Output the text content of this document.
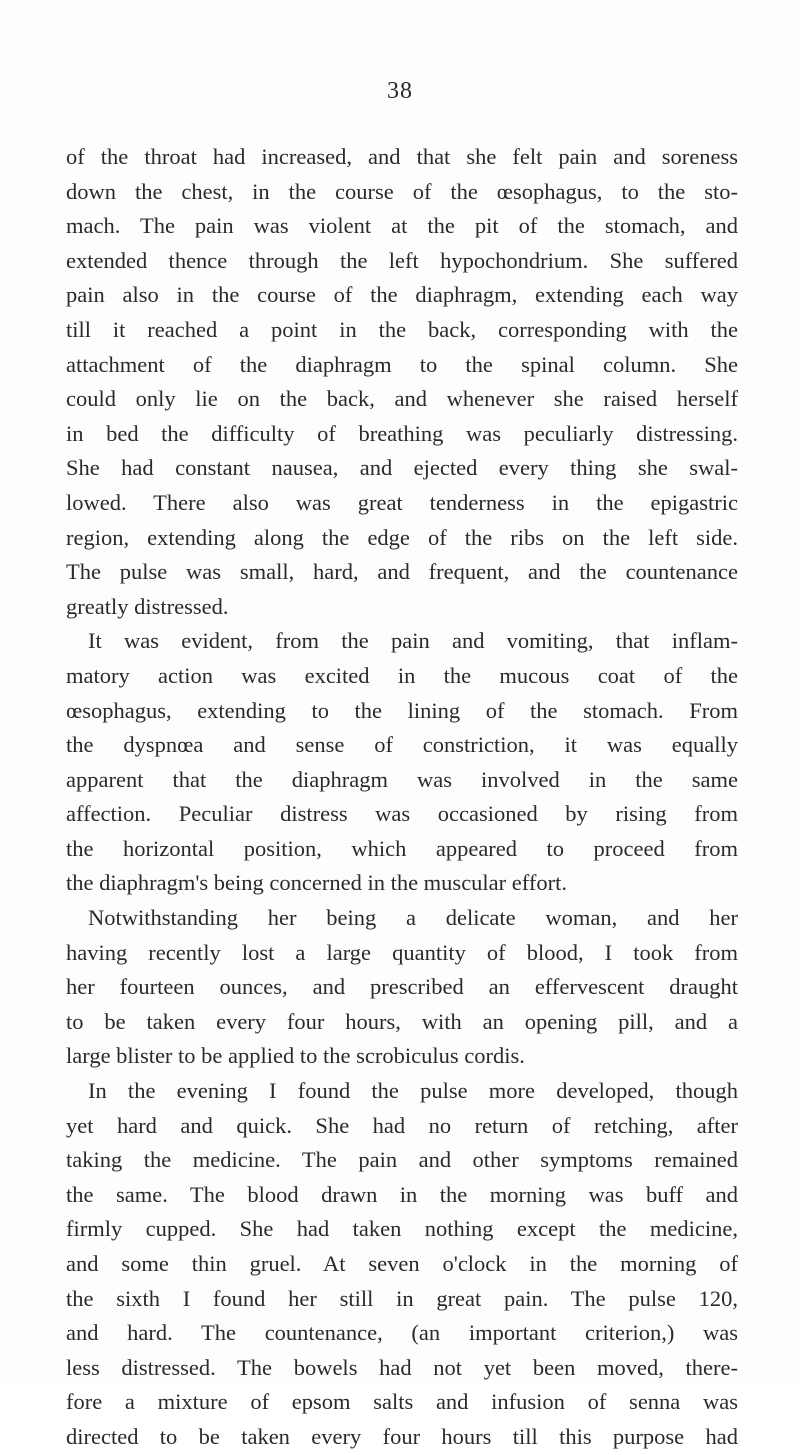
38
of the throat had increased, and that she felt pain and soreness
down the chest, in the course of the œsophagus, to the sto-
mach. The pain was violent at the pit of the stomach, and
extended thence through the left hypochondrium. She suffered
pain also in the course of the diaphragm, extending each way
till it reached a point in the back, corresponding with the
attachment of the diaphragm to the spinal column. She
could only lie on the back, and whenever she raised herself
in bed the difficulty of breathing was peculiarly distressing.
She had constant nausea, and ejected every thing she swal-
lowed. There also was great tenderness in the epigastric
region, extending along the edge of the ribs on the left side.
The pulse was small, hard, and frequent, and the countenance
greatly distressed.
It was evident, from the pain and vomiting, that inflam-
matory action was excited in the mucous coat of the
œsophagus, extending to the lining of the stomach. From
the dyspnœa and sense of constriction, it was equally
apparent that the diaphragm was involved in the same
affection. Peculiar distress was occasioned by rising from
the horizontal position, which appeared to proceed from
the diaphragm's being concerned in the muscular effort.
Notwithstanding her being a delicate woman, and her
having recently lost a large quantity of blood, I took from
her fourteen ounces, and prescribed an effervescent draught
to be taken every four hours, with an opening pill, and a
large blister to be applied to the scrobiculus cordis.
In the evening I found the pulse more developed, though
yet hard and quick. She had no return of retching, after
taking the medicine. The pain and other symptoms remained
the same. The blood drawn in the morning was buff and
firmly cupped. She had taken nothing except the medicine,
and some thin gruel. At seven o'clock in the morning of
the sixth I found her still in great pain. The pulse 120,
and hard. The countenance, (an important criterion,) was
less distressed. The bowels had not yet been moved, there-
fore a mixture of epsom salts and infusion of senna was
directed to be taken every four hours till this purpose had
